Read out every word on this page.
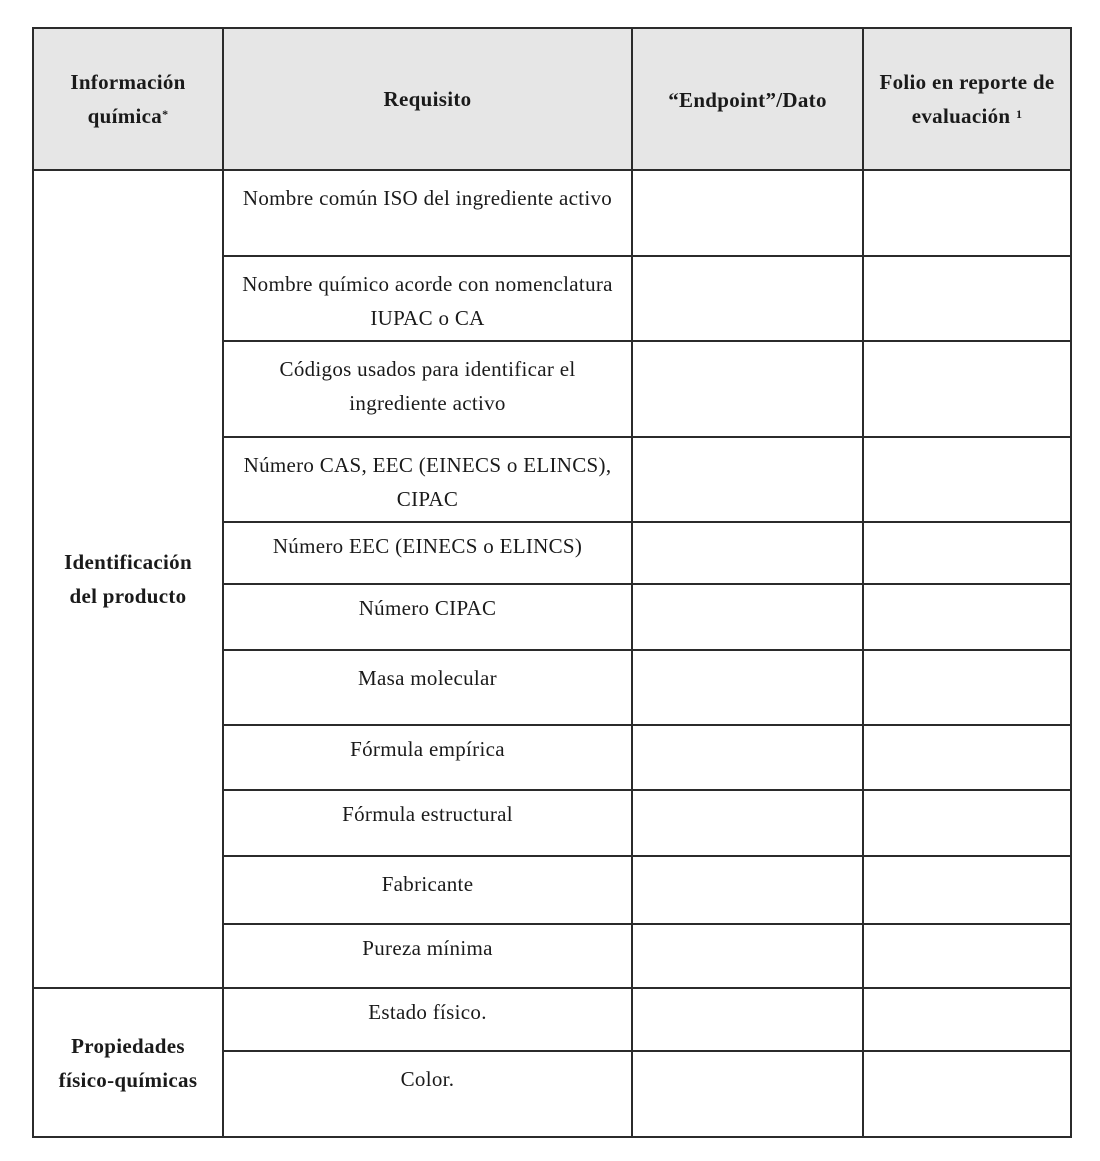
Información
química*	Requisito	“Endpoint”/Dato	Folio en reporte de
evaluación $^1$
Identificación
del producto	Nombre común ISO del ingrediente activo		
	Nombre químico acorde con nomenclatura IUPAC o CA		
	Códigos usados para identificar el ingrediente activo		
	Número CAS, EEC (EINECS o ELINCS), CIPAC		
	Número EEC (EINECS o ELINCS)		
	Número CIPAC		
	Masa molecular		
	Fórmula empírica		
	Fórmula estructural		
	Fabricante		
	Pureza mínima		
Propiedades
físico-químicas	Estado físico.		
	Color.		
